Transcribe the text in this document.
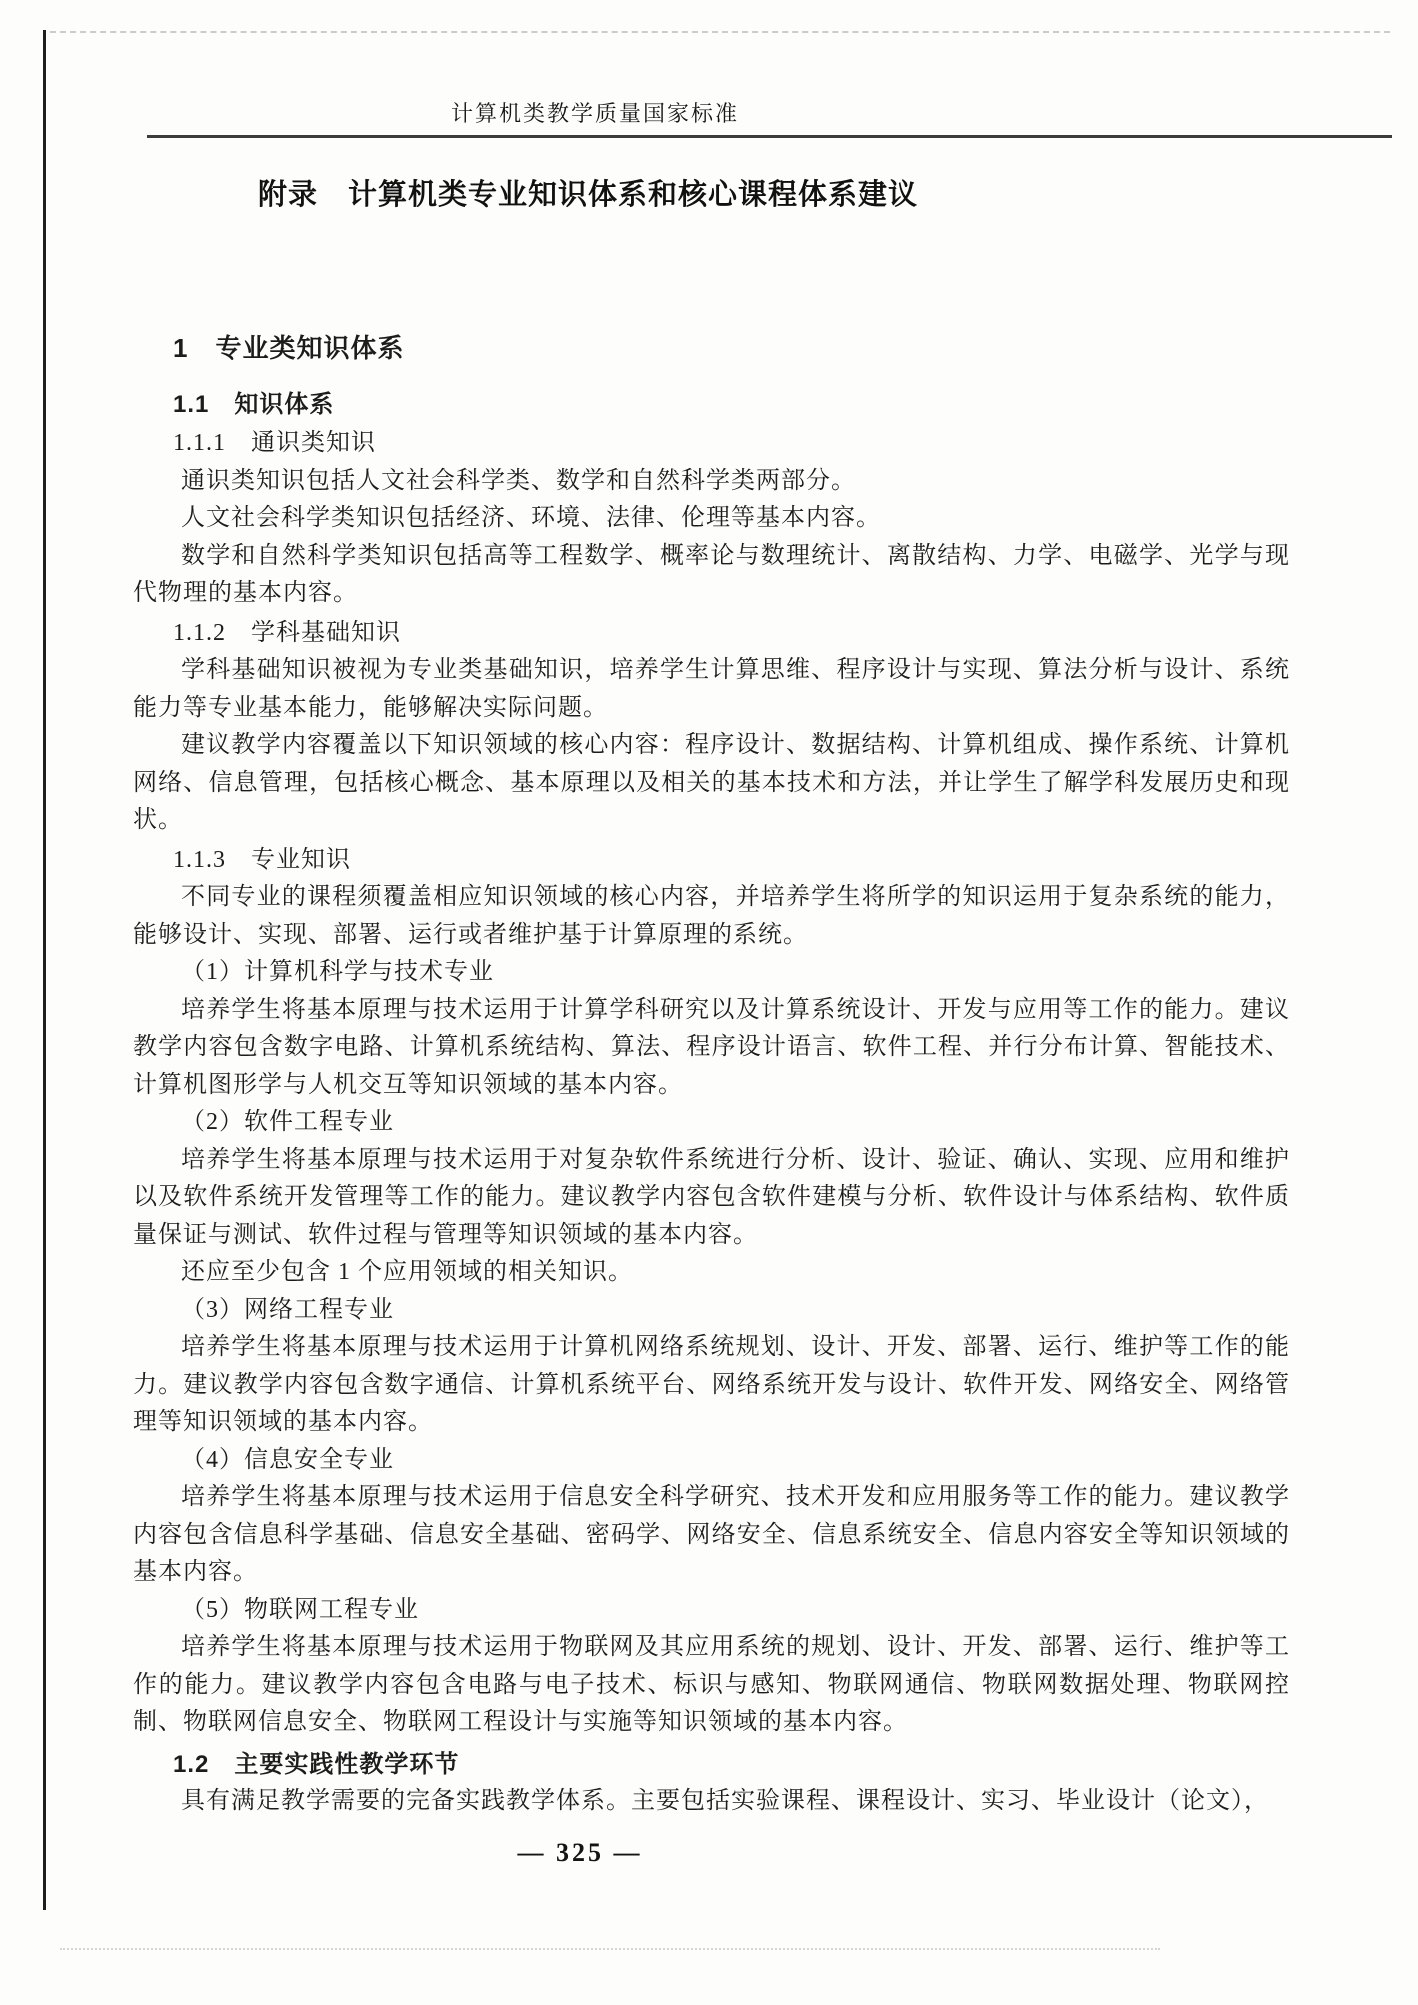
计算机类教学质量国家标准
附录　计算机类专业知识体系和核心课程体系建议
1　专业类知识体系
1.1　知识体系
1.1.1　通识类知识

通识类知识包括人文社会科学类、数学和自然科学类两部分。

人文社会科学类知识包括经济、环境、法律、伦理等基本内容。

数学和自然科学类知识包括高等工程数学、概率论与数理统计、离散结构、力学、电磁学、光学与现代物理的基本内容。

1.1.2　学科基础知识

学科基础知识被视为专业类基础知识，培养学生计算思维、程序设计与实现、算法分析与设计、系统能力等专业基本能力，能够解决实际问题。

建议教学内容覆盖以下知识领域的核心内容：程序设计、数据结构、计算机组成、操作系统、计算机网络、信息管理，包括核心概念、基本原理以及相关的基本技术和方法，并让学生了解学科发展历史和现状。

1.1.3　专业知识

不同专业的课程须覆盖相应知识领域的核心内容，并培养学生将所学的知识运用于复杂系统的能力，能够设计、实现、部署、运行或者维护基于计算原理的系统。

（1）计算机科学与技术专业

培养学生将基本原理与技术运用于计算学科研究以及计算系统设计、开发与应用等工作的能力。建议教学内容包含数字电路、计算机系统结构、算法、程序设计语言、软件工程、并行分布计算、智能技术、计算机图形学与人机交互等知识领域的基本内容。

（2）软件工程专业

培养学生将基本原理与技术运用于对复杂软件系统进行分析、设计、验证、确认、实现、应用和维护以及软件系统开发管理等工作的能力。建议教学内容包含软件建模与分析、软件设计与体系结构、软件质量保证与测试、软件过程与管理等知识领域的基本内容。

还应至少包含 1 个应用领域的相关知识。

（3）网络工程专业

培养学生将基本原理与技术运用于计算机网络系统规划、设计、开发、部署、运行、维护等工作的能力。建议教学内容包含数字通信、计算机系统平台、网络系统开发与设计、软件开发、网络安全、网络管理等知识领域的基本内容。

（4）信息安全专业

培养学生将基本原理与技术运用于信息安全科学研究、技术开发和应用服务等工作的能力。建议教学内容包含信息科学基础、信息安全基础、密码学、网络安全、信息系统安全、信息内容安全等知识领域的基本内容。

（5）物联网工程专业

培养学生将基本原理与技术运用于物联网及其应用系统的规划、设计、开发、部署、运行、维护等工作的能力。建议教学内容包含电路与电子技术、标识与感知、物联网通信、物联网数据处理、物联网控制、物联网信息安全、物联网工程设计与实施等知识领域的基本内容。

1.2　主要实践性教学环节

具有满足教学需要的完备实践教学体系。主要包括实验课程、课程设计、实习、毕业设计（论文），

— 325 —
